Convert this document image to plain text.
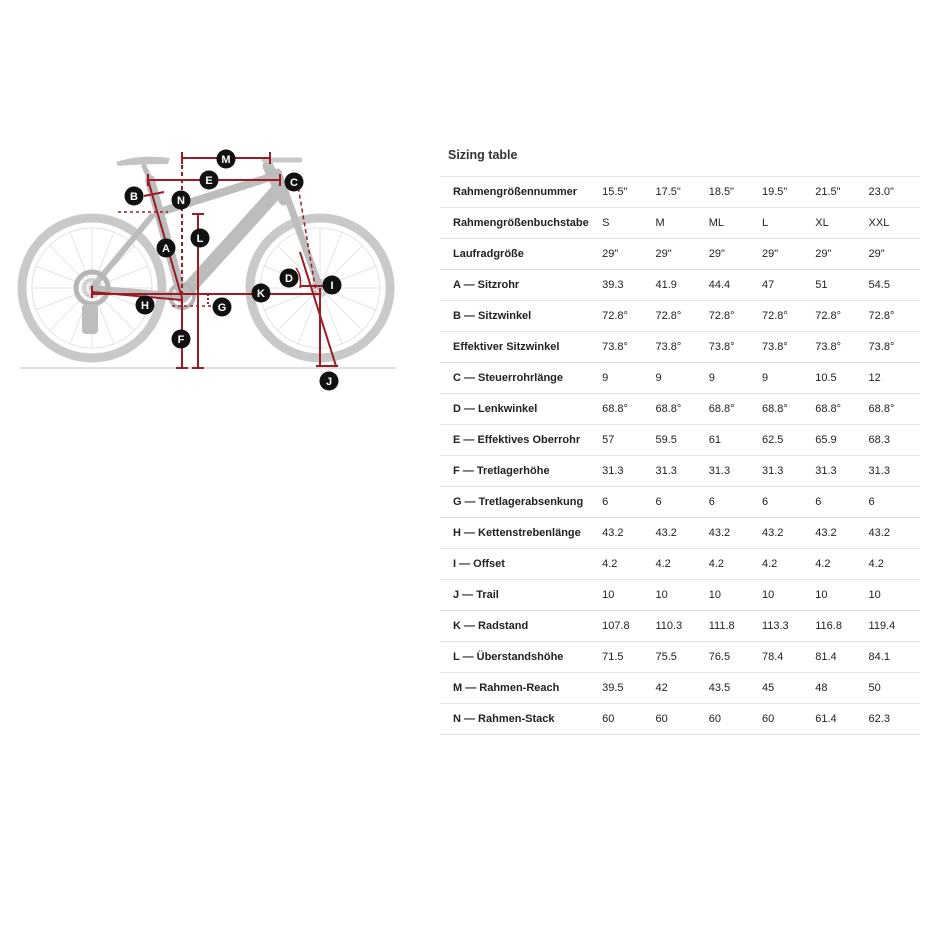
M
E	C
B	N
A
L
D
I
H	G
K
F
J
Sizing table
Rahmengrößennummer	15.5"	17.5"	18.5"	19.5"	21.5"	23.0"
Rahmengrößenbuchstabe	S	M	ML	L	XL	XXL
Laufradgröße	29"	29"	29"	29"	29"	29"
A — Sitzrohr	39.3	41.9	44.4	47	51	54.5
B — Sitzwinkel	72.8°	72.8°	72.8°	72.8°	72.8°	72.8°
Effektiver Sitzwinkel	73.8°	73.8°	73.8°	73.8°	73.8°	73.8°
C — Steuerrohrlänge	9	9	9	9	10.5	12
D — Lenkwinkel	68.8°	68.8°	68.8°	68.8°	68.8°	68.8°
E — Effektives Oberrohr	57	59.5	61	62.5	65.9	68.3
F — Tretlagerhöhe	31.3	31.3	31.3	31.3	31.3	31.3
G — Tretlagerabsenkung	6	6	6	6	6	6
H — Kettenstrebenlänge	43.2	43.2	43.2	43.2	43.2	43.2
I — Offset	4.2	4.2	4.2	4.2	4.2	4.2
J — Trail	10	10	10	10	10	10
K — Radstand	107.8	110.3	111.8	113.3	116.8	119.4
L — Überstandshöhe	71.5	75.5	76.5	78.4	81.4	84.1
M — Rahmen-Reach	39.5	42	43.5	45	48	50
N — Rahmen-Stack	60	60	60	60	61.4	62.3
